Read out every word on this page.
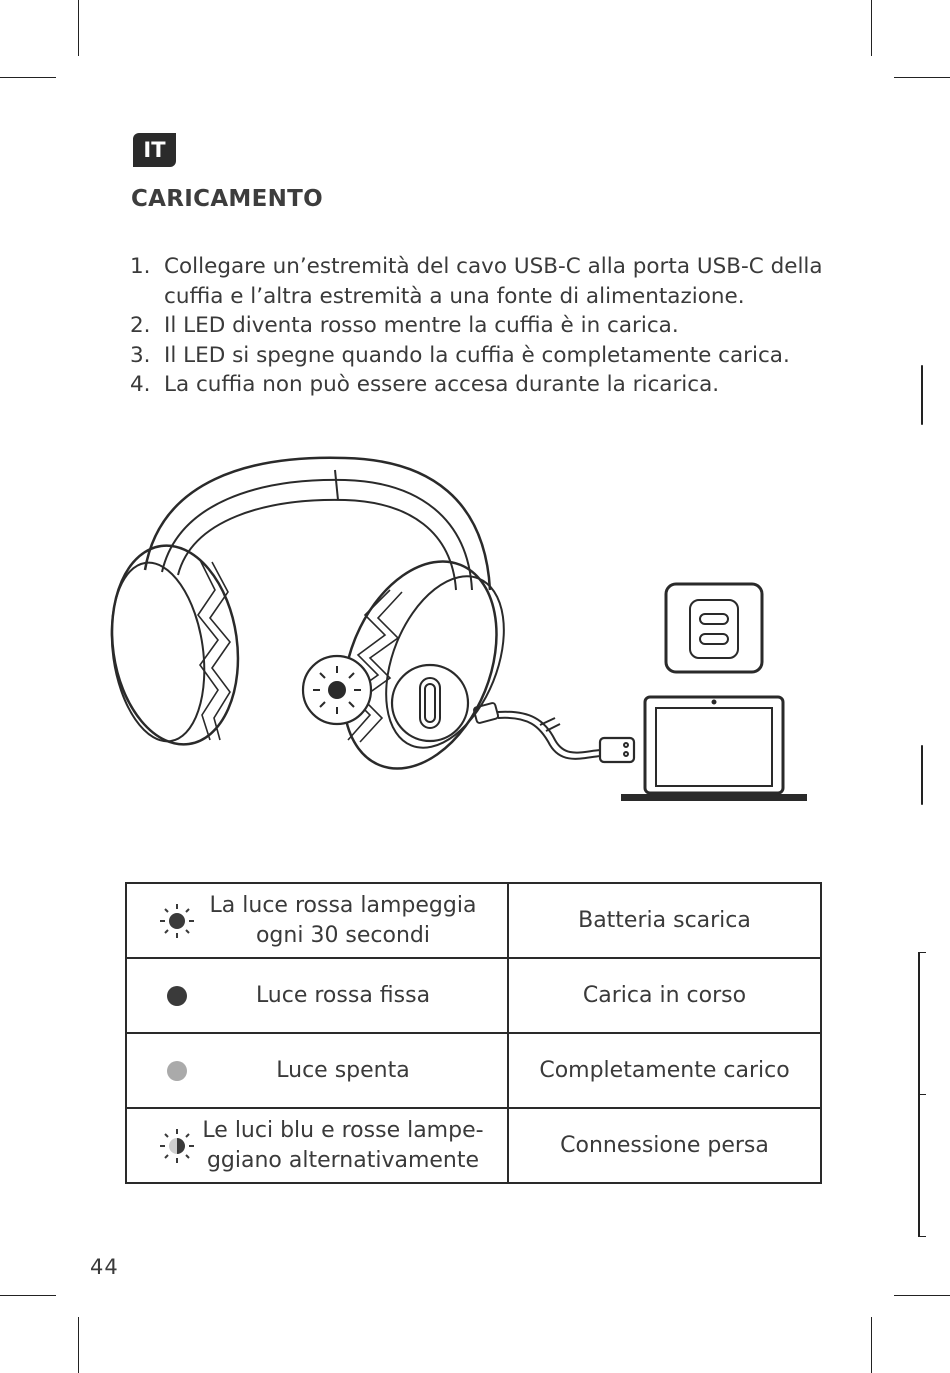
IT
CARICAMENTO
1. Collegare un’estremità del cavo USB-C alla porta USB-C della cuffia e l’altra estremità a una fonte di alimentazione.
2. Il LED diventa rosso mentre la cuffia è in carica.
3. Il LED si spegne quando la cuffia è completamente carica.
4. La cuffia non può essere accesa durante la ricarica.
La luce rossa lampeggia ogni 30 secondi	Batteria scarica

Luce rossa fissa	Carica in corso

Luce spenta	Completamente carico

Le luci blu e rosse lampe-ggiano alternativamente	Connessione persa
44
